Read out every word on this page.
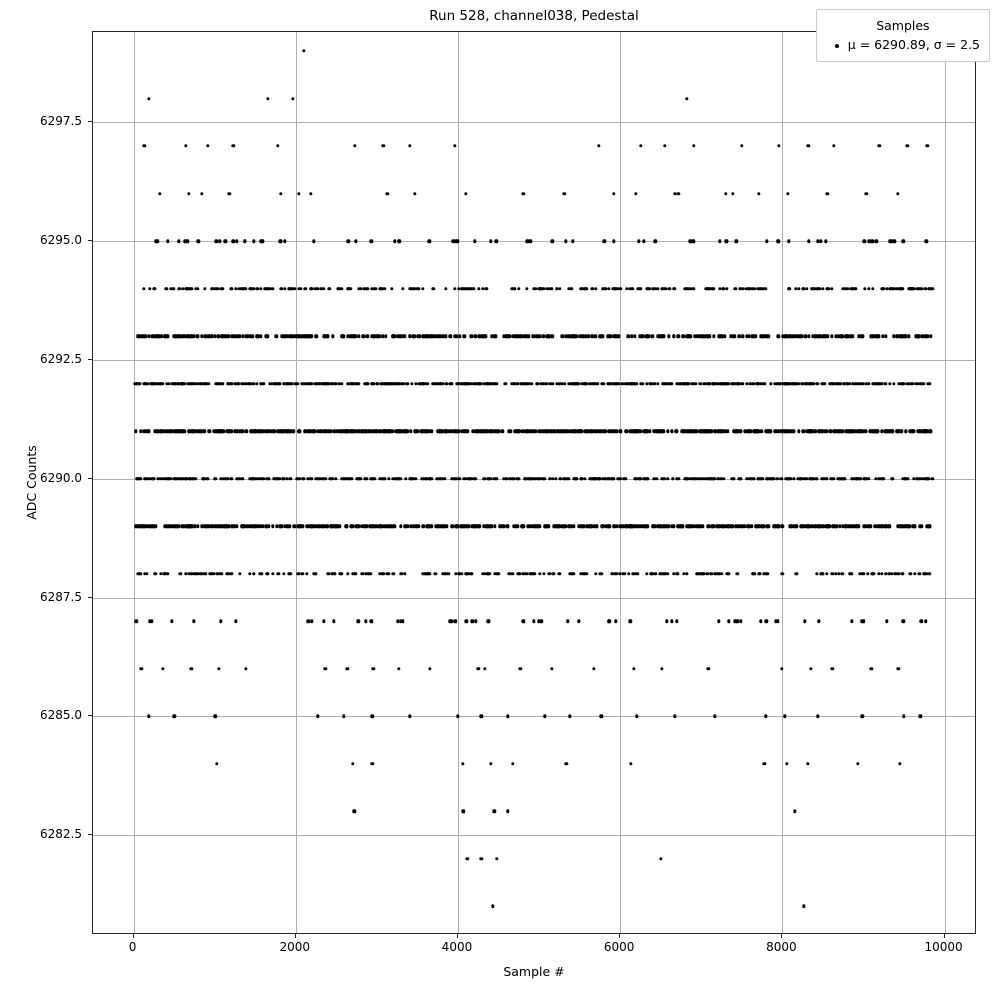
Run 528, channel038, Pedestal
ADC Counts
Sample #
0	2000	4000	6000	8000	10000
6282.5
6285.0
6287.5
6290.0
6292.5
6295.0
6297.5
Samples
μ = 6290.89, σ = 2.5
